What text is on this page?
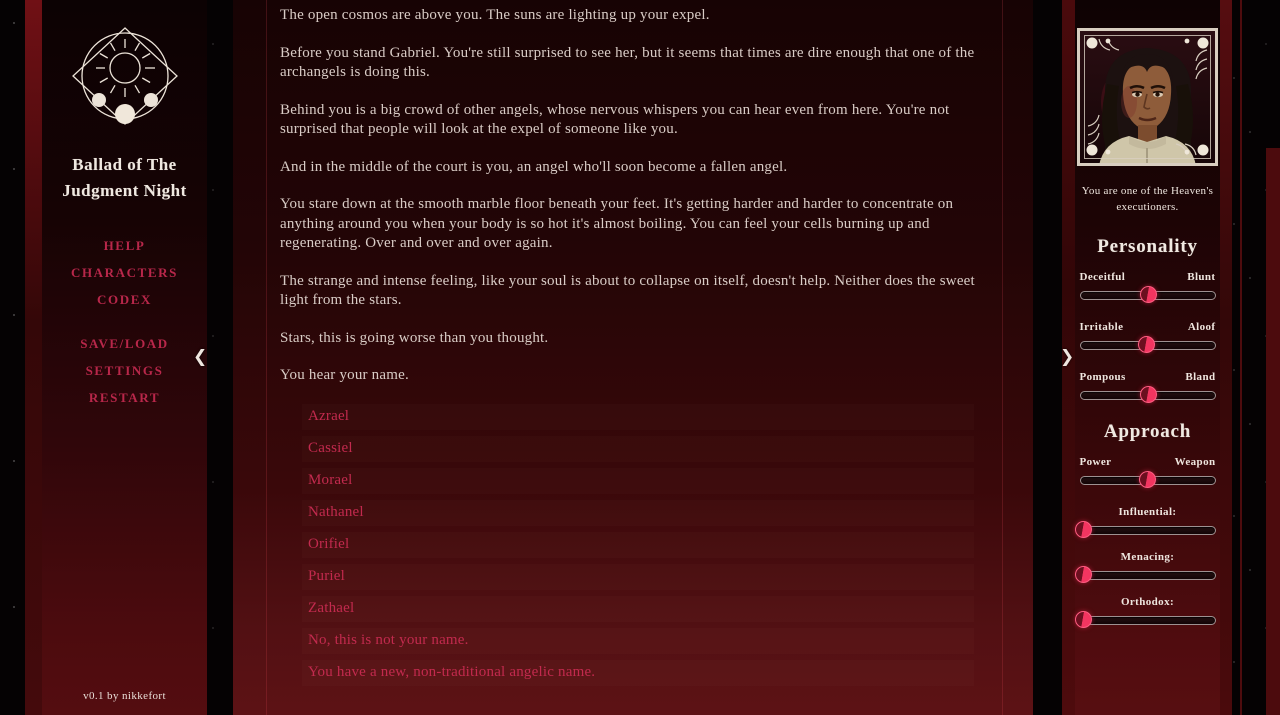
Ballad of The
Judgment Night
HELP
CHARACTERS
CODEX
SAVE/LOAD
SETTINGS
RESTART
v0.1 by nikkefort
❮

The open cosmos are above you. The suns are lighting up your expel.

Before you stand Gabriel. You're still surprised to see her, but it seems that times are dire enough that one of the archangels is doing this.

Behind you is a big crowd of other angels, whose nervous whispers you can hear even from here. You're not surprised that people will look at the expel of someone like you.

And in the middle of the court is you, an angel who'll soon become a fallen angel.

You stare down at the smooth marble floor beneath your feet. It's getting harder and harder to concentrate on anything around you when your body is so hot it's almost boiling. You can feel your cells burning up and regenerating. Over and over and over again.

The strange and intense feeling, like your soul is about to collapse on itself, doesn't help. Neither does the sweet light from the stars.

Stars, this is going worse than you thought.

You hear your name.

Azrael
Cassiel
Morael
Nathanel
Orifiel
Puriel
Zathael
No, this is not your name.
You have a new, non-traditional angelic name.
❯

You are one of the Heaven's executioners.

Personality
Deceitful	Blunt
Irritable	Aloof
Pompous	Bland
Approach
Power	Weapon
Influential:
Menacing:
Orthodox:
